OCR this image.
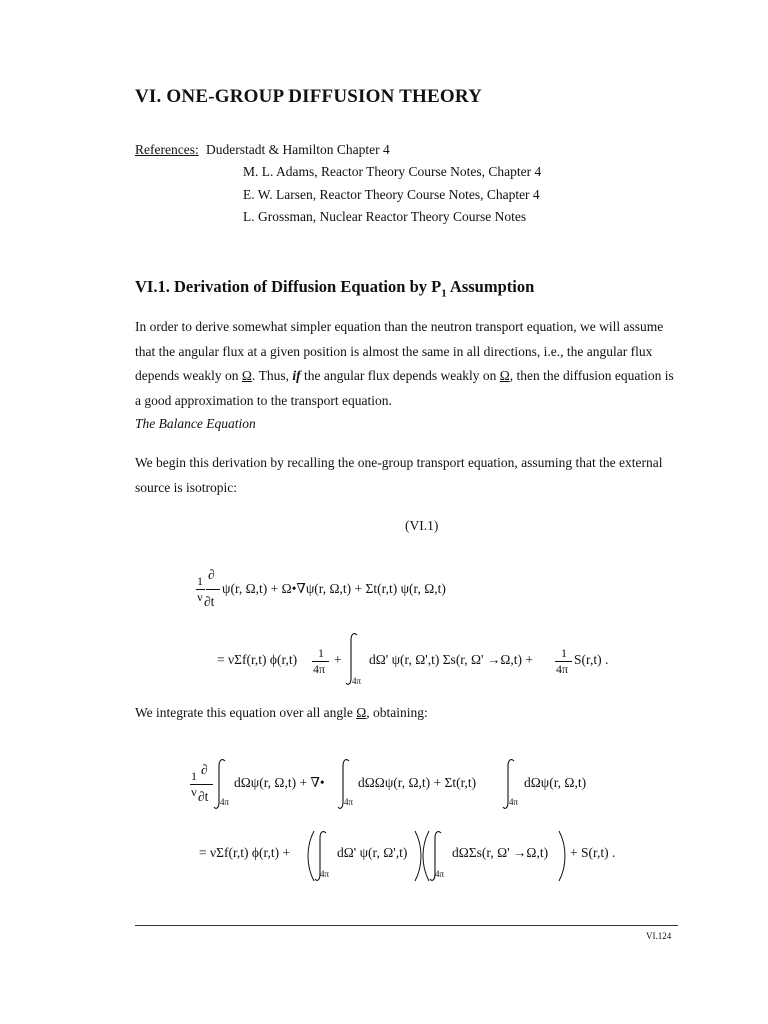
VI. ONE-GROUP DIFFUSION THEORY
References: Duderstadt & Hamilton Chapter 4
M. L. Adams, Reactor Theory Course Notes, Chapter 4
E. W. Larsen, Reactor Theory Course Notes, Chapter 4
L. Grossman, Nuclear Reactor Theory Course Notes
VI.1. Derivation of Diffusion Equation by $P_1$ Assumption
In order to derive somewhat simpler equation than the neutron transport equation, we will assume that the angular flux at a given position is almost the same in all directions, i.e., the angular flux depends weakly on Ω. Thus, if the angular flux depends weakly on Ω, then the diffusion equation is a good approximation to the transport equation.
The Balance Equation
We begin this derivation by recalling the one-group transport equation, assuming that the external source is isotropic:
(VI.1)
1
v
∂
∂t
ψ(r, Ω,t) + Ω•∇ψ(r, Ω,t) + Σt(r,t) ψ(r, Ω,t)
= νΣf(r,t) ϕ(r,t) 1
4π
+
4π
dΩ' ψ(r, Ω',t) Σs(r, Ω' →Ω,t) + 1
4π
S(r,t) .
We integrate this equation over all angle Ω, obtaining:
1
v
∂
∂t 4π
dΩψ(r, Ω,t) + ∇•
4π
dΩΩψ(r, Ω,t) + Σt(r,t)
4π
dΩψ(r, Ω,t)
= νΣf(r,t) ϕ(r,t) +
4π
dΩ' ψ(r, Ω',t)
4π
dΩΣs(r, Ω' →Ω,t) + S(r,t) .
VI.124
